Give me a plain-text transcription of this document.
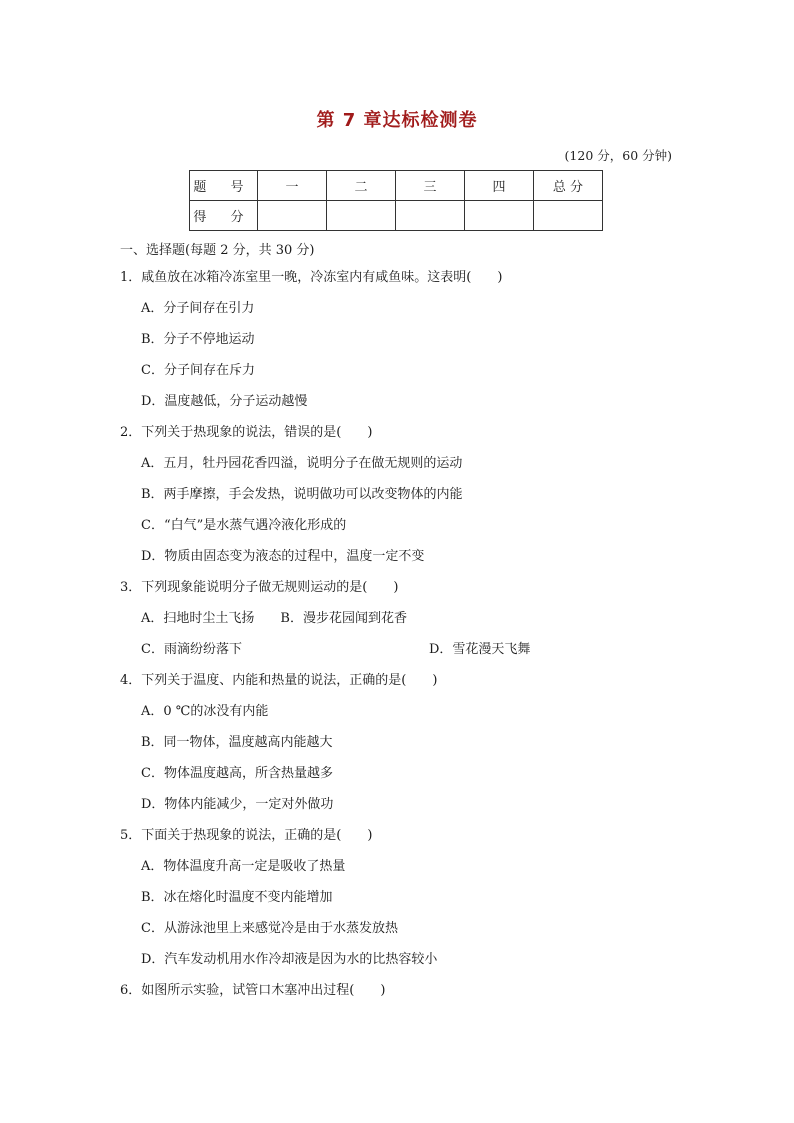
第 7 章达标检测卷
(120 分，60 分钟)
题 号	一	二	三	四	总 分
得 分					
一、选择题(每题 2 分，共 30 分)
1．咸鱼放在冰箱冷冻室里一晚，冷冻室内有咸鱼味。这表明(　　)
A．分子间存在引力
B．分子不停地运动
C．分子间存在斥力
D．温度越低，分子运动越慢
2．下列关于热现象的说法，错误的是(　　)
A．五月，牡丹园花香四溢，说明分子在做无规则的运动
B．两手摩擦，手会发热，说明做功可以改变物体的内能
C．“白气”是水蒸气遇冷液化形成的
D．物质由固态变为液态的过程中，温度一定不变
3．下列现象能说明分子做无规则运动的是(　　)
A．扫地时尘土飞扬 B．漫步花园闻到花香
C．雨滴纷纷落下	D．雪花漫天飞舞
4．下列关于温度、内能和热量的说法，正确的是(　　)
A．0 ℃的冰没有内能
B．同一物体，温度越高内能越大
C．物体温度越高，所含热量越多
D．物体内能减少，一定对外做功
5．下面关于热现象的说法，正确的是(　　)
A．物体温度升高一定是吸收了热量
B．冰在熔化时温度不变内能增加
C．从游泳池里上来感觉冷是由于水蒸发放热
D．汽车发动机用水作冷却液是因为水的比热容较小
6．如图所示实验，试管口木塞冲出过程(　　)
